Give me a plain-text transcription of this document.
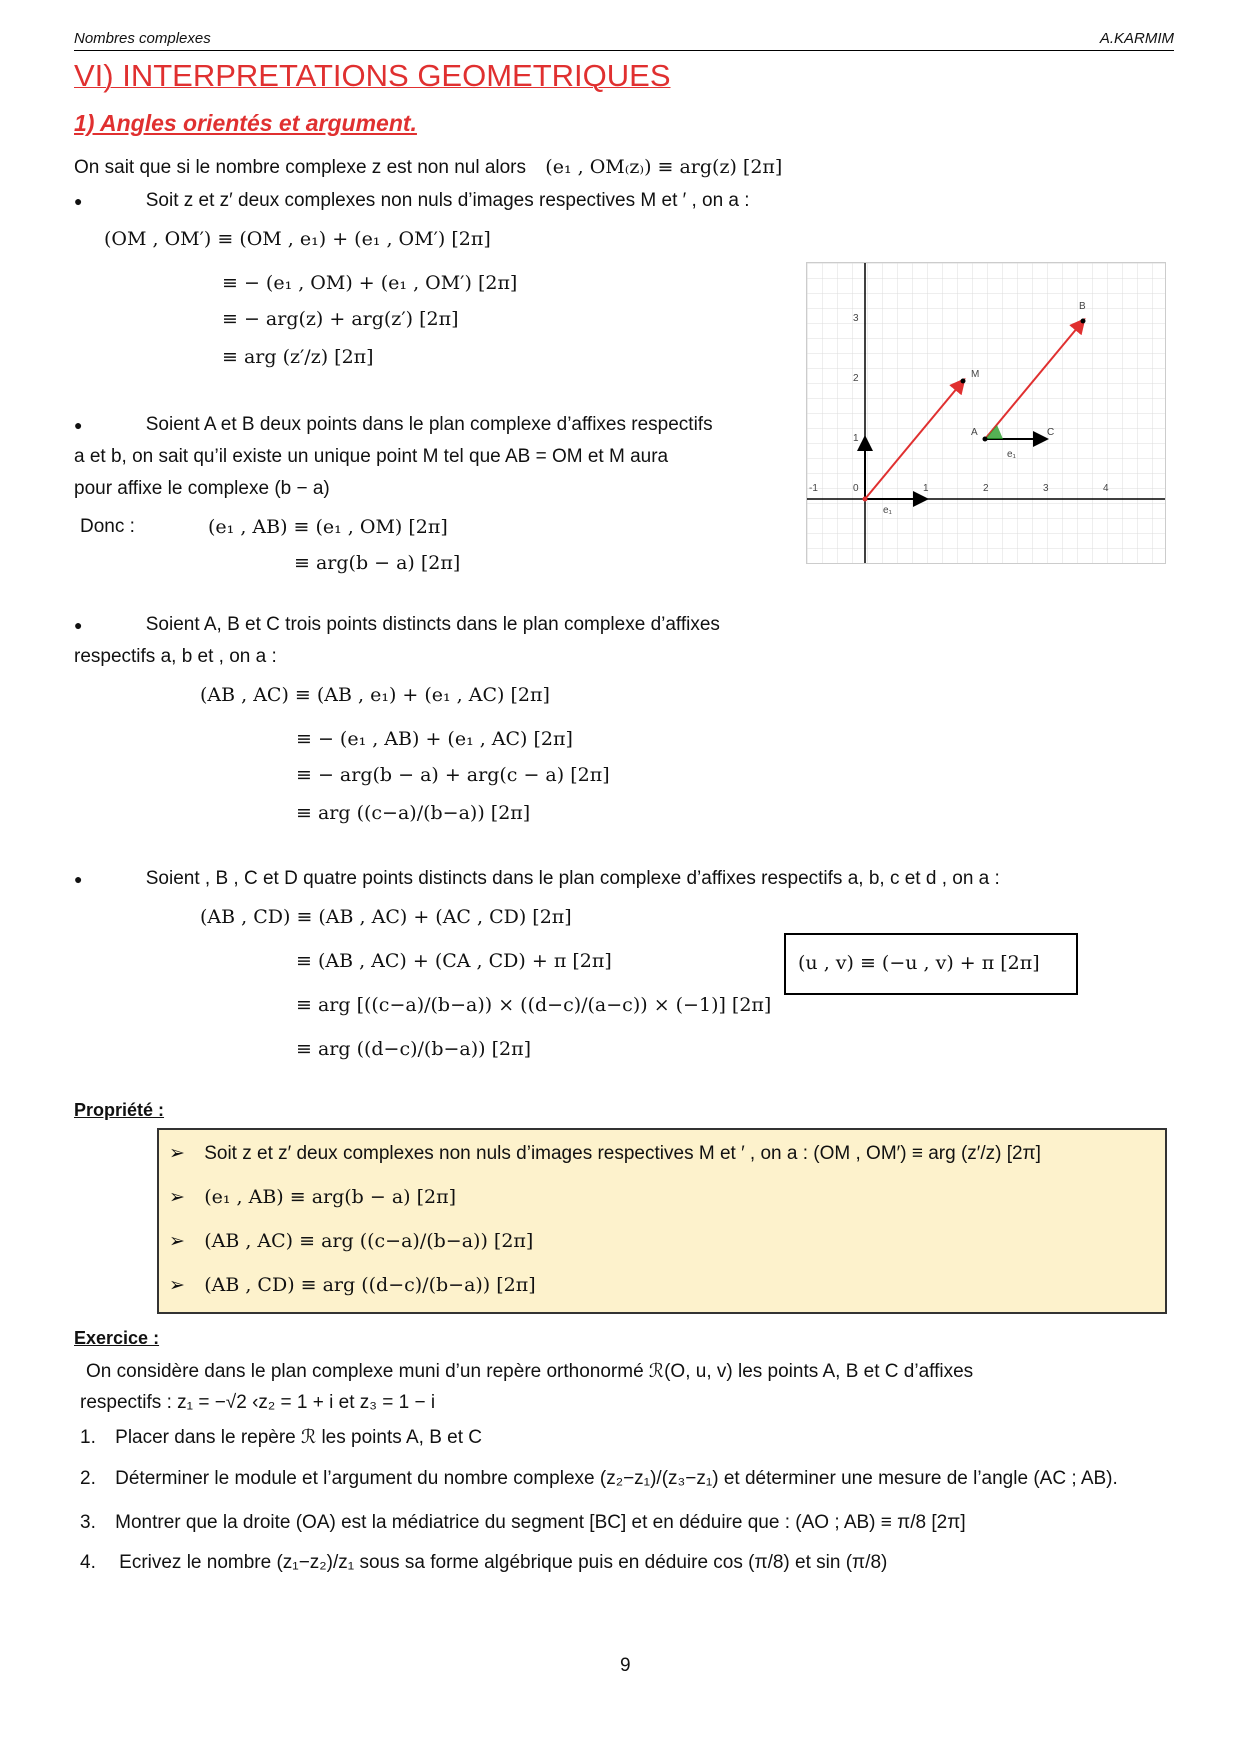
Nombres complexes	A.KARMIM
VI) INTERPRETATIONS GEOMETRIQUES
1) Angles orientés et argument.
On sait que si le nombre complexe z est non nul alors (e₁ , OM₍z₎) ≡ arg(z) [2π]
●	Soit z et z′ deux complexes non nuls d’images respectives M et ′ , on a :
(OM , OM′) ≡ (OM , e₁) + (e₁ , OM′) [2π]
≡ − (e₁ , OM) + (e₁ , OM′) [2π]
≡ − arg(z) + arg(z′) [2π]
≡ arg (z′/z) [2π]
●	Soient A et B deux points dans le plan complexe d’affixes respectifs
a et b, on sait qu’il existe un unique point M tel que AB = OM et M aura
pour affixe le complexe (b − a)
Donc :	(e₁ , AB) ≡ (e₁ , OM) [2π]
≡ arg(b − a) [2π]
-1	0	1	2	3	4
1
2
3
M
B
A	C
e₁
e₁
●	Soient A, B et C trois points distincts dans le plan complexe d’affixes
respectifs a, b et , on a :
(AB , AC) ≡ (AB , e₁) + (e₁ , AC) [2π]
≡ − (e₁ , AB) + (e₁ , AC) [2π]
≡ − arg(b − a) + arg(c − a) [2π]
≡ arg ((c−a)/(b−a)) [2π]
●	Soient , B , C et D quatre points distincts dans le plan complexe d’affixes respectifs a, b, c et d , on a :
(AB , CD) ≡ (AB , AC) + (AC , CD) [2π]
≡ (AB , AC) + (CA , CD) + π [2π]
≡ arg [((c−a)/(b−a)) × ((d−c)/(a−c)) × (−1)] [2π]
≡ arg ((d−c)/(b−a)) [2π]
(u , v) ≡ (−u , v) + π [2π]
Propriété :
➢ Soit z et z′ deux complexes non nuls d’images respectives M et ′ , on a : (OM , OM′) ≡ arg (z′/z) [2π]
➢ (e₁ , AB) ≡ arg(b − a) [2π]
➢ (AB , AC) ≡ arg ((c−a)/(b−a)) [2π]
➢ (AB , CD) ≡ arg ((d−c)/(b−a)) [2π]
Exercice :
On considère dans le plan complexe muni d’un repère orthonormé ℛ(O, u, v) les points A, B et C d’affixes
respectifs : z₁ = −√2 ‹z₂ = 1 + i et z₃ = 1 − i
1. Placer dans le repère ℛ les points A, B et C
2. Déterminer le module et l’argument du nombre complexe (z₂−z₁)/(z₃−z₁) et déterminer une mesure de l’angle (AC ; AB).
3. Montrer que la droite (OA) est la médiatrice du segment [BC] et en déduire que : (AO ; AB) ≡ π/8 [2π]
4. Ecrivez le nombre (z₁−z₂)/z₁ sous sa forme algébrique puis en déduire cos (π/8) et sin (π/8)
9
